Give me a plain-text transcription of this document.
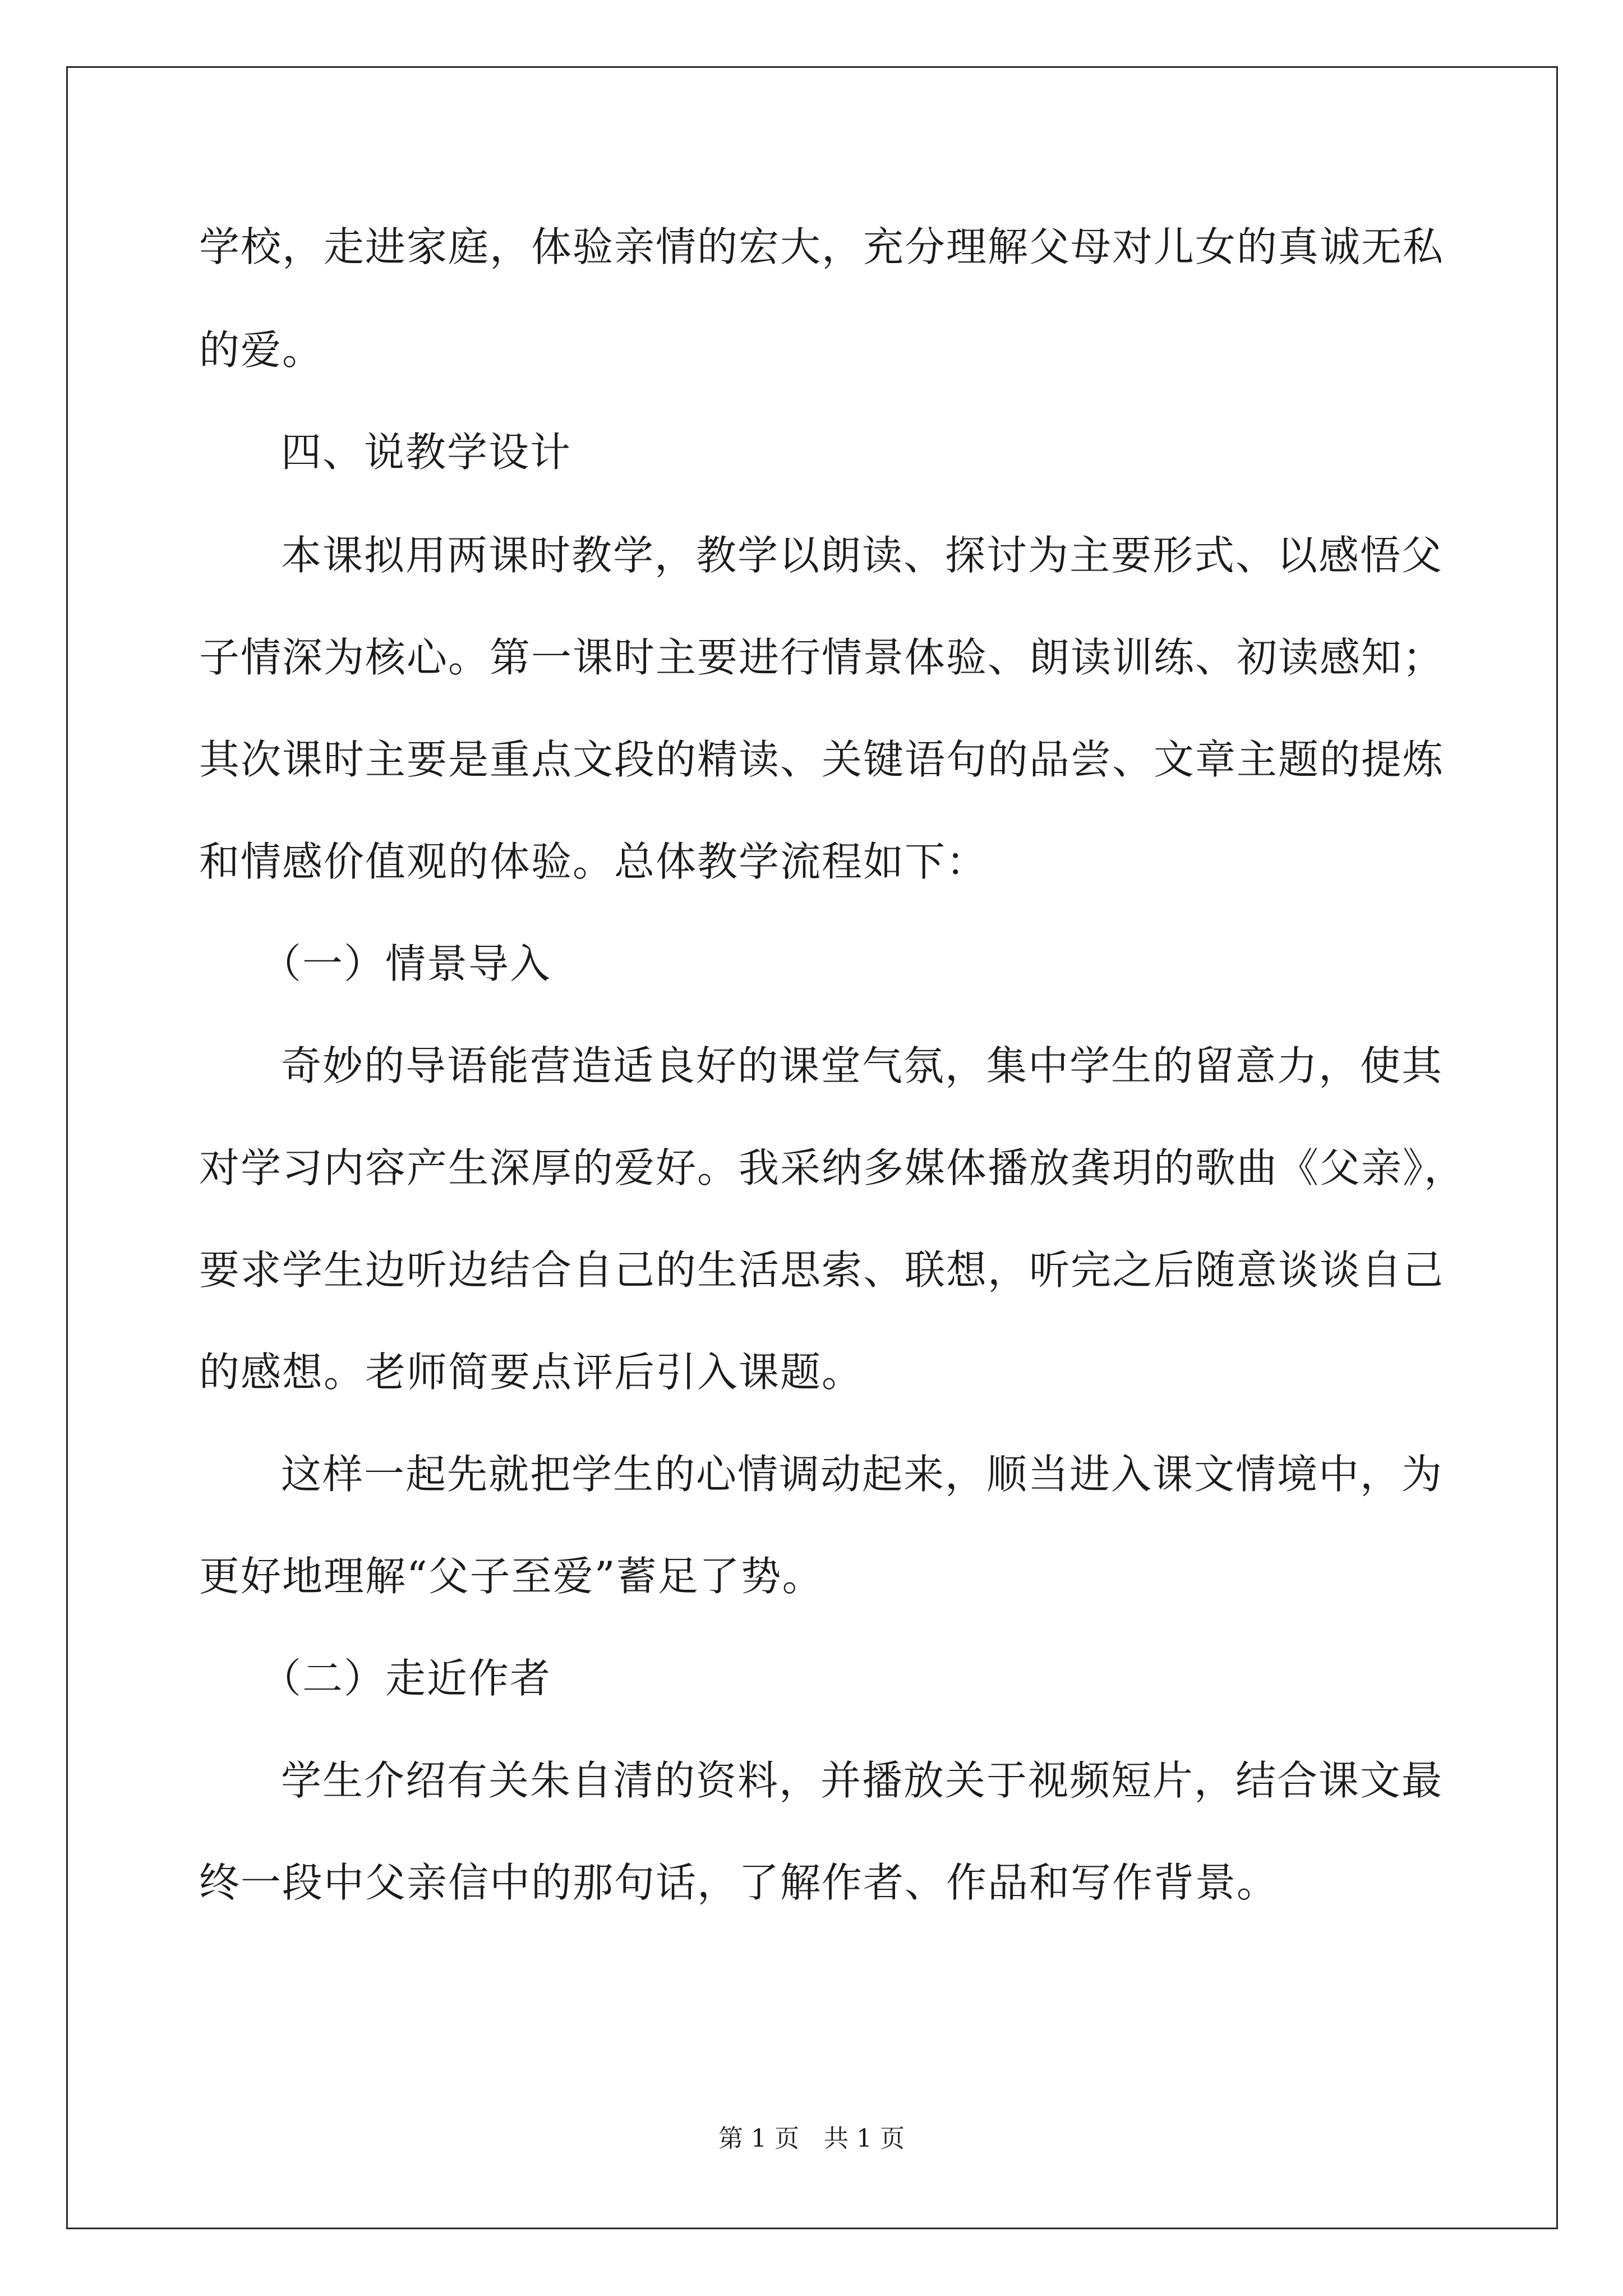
学校，走进家庭，体验亲情的宏大，充分理解父母对儿女的真诚无私
的爱。
四、说教学设计
本课拟用两课时教学，教学以朗读、探讨为主要形式、以感悟父
子情深为核心。第一课时主要进行情景体验、朗读训练、初读感知；
其次课时主要是重点文段的精读、关键语句的品尝、文章主题的提炼
和情感价值观的体验。总体教学流程如下：
（一）情景导入
奇妙的导语能营造适良好的课堂气氛，集中学生的留意力，使其
对学习内容产生深厚的爱好。我采纳多媒体播放龚玥的歌曲《父亲》，
要求学生边听边结合自己的生活思索、联想，听完之后随意谈谈自己
的感想。老师简要点评后引入课题。
这样一起先就把学生的心情调动起来，顺当进入课文情境中，为
更好地理解“父子至爱”蓄足了势。
（二）走近作者
学生介绍有关朱自清的资料，并播放关于视频短片，结合课文最
终一段中父亲信中的那句话，了解作者、作品和写作背景。
第 1 页　共 1 页
